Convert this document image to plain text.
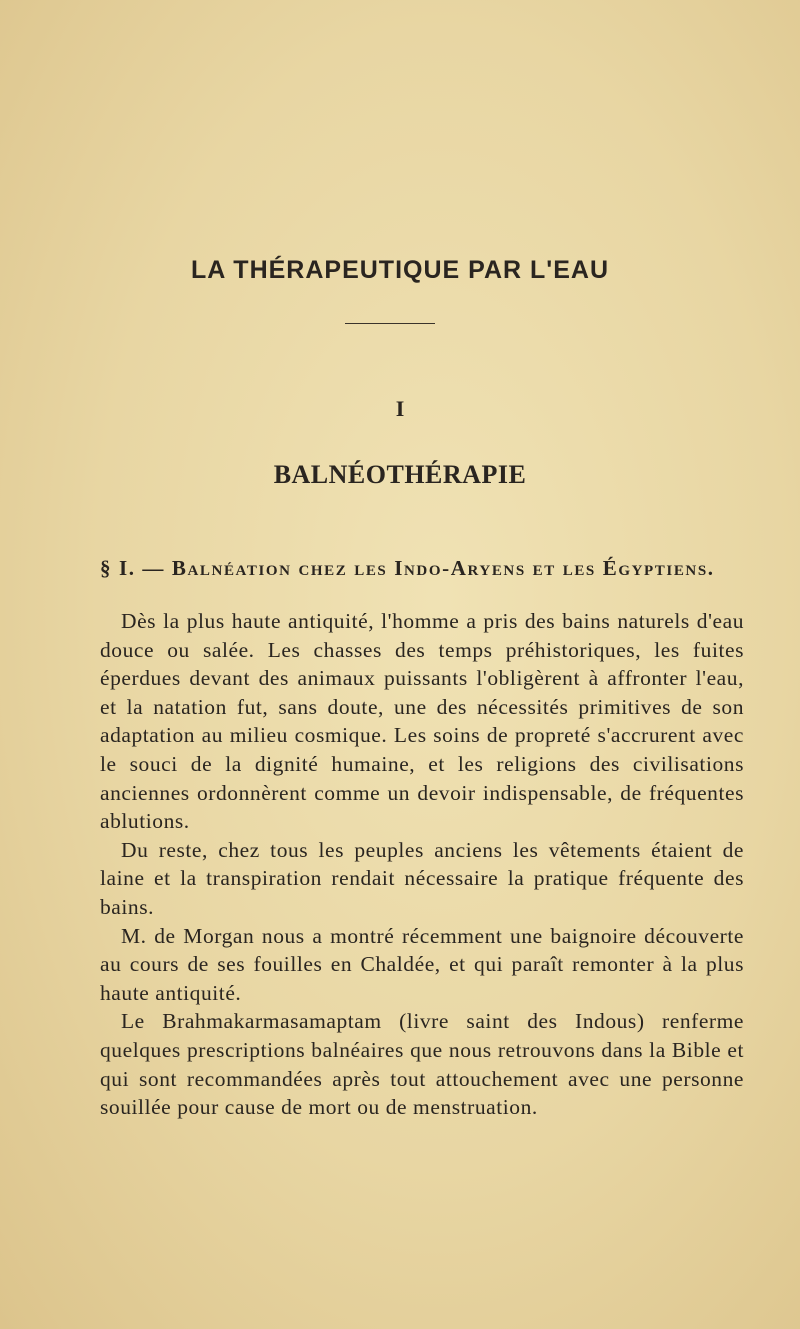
LA THÉRAPEUTIQUE PAR L'EAU
I
BALNÉOTHÉRAPIE
§ I. — Balnéation chez les Indo-Aryens et les Égyptiens.

Dès la plus haute antiquité, l'homme a pris des bains naturels d'eau douce ou salée. Les chasses des temps préhistoriques, les fuites éperdues devant des animaux puissants l'obligèrent à affronter l'eau, et la natation fut, sans doute, une des nécessités primitives de son adaptation au milieu cosmique. Les soins de propreté s'accrurent avec le souci de la dignité humaine, et les religions des civilisations anciennes ordonnèrent comme un devoir indispensable, de fréquentes ablutions.

Du reste, chez tous les peuples anciens les vêtements étaient de laine et la transpiration rendait nécessaire la pratique fréquente des bains.

M. de Morgan nous a montré récemment une baignoire découverte au cours de ses fouilles en Chaldée, et qui paraît remonter à la plus haute antiquité.

Le Brahmakarmasamaptam (livre saint des Indous) renferme quelques prescriptions balnéaires que nous retrouvons dans la Bible et qui sont recommandées après tout attouchement avec une personne souillée pour cause de mort ou de menstruation.
